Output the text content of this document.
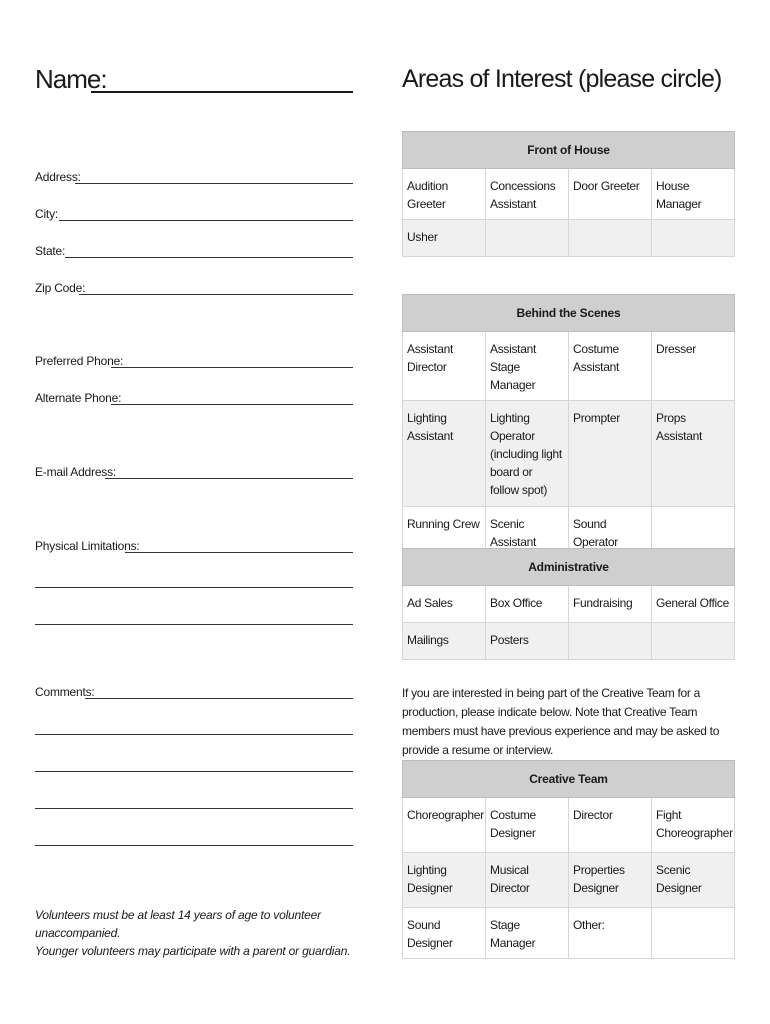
Name:
Address:
City:
State:
Zip Code:
Preferred Phone:
Alternate Phone:
E-mail Address:
Physical Limitations:
Comments:
Volunteers must be at least 14 years of age to volunteer unaccompanied.
Younger volunteers may participate with a parent or guardian.
Areas of Interest (please circle)
Front of House			
Audition Greeter	Concessions Assistant	Door Greeter	House Manager
Usher			
Behind the Scenes			
Assistant Director	Assistant Stage Manager	Costume Assistant	Dresser
Lighting Assistant	Lighting Operator (including light board or follow spot)	Prompter	Props Assistant
Running Crew	Scenic Assistant	Sound Operator	
Administrative			
Ad Sales	Box Office	Fundraising	General Office
Mailings	Posters		
If you are interested in being part of the Creative Team for a production, please indicate below. Note that Creative Team members must have previous experience and may be asked to provide a resume or interview.
Creative Team			
Choreographer	Costume Designer	Director	Fight Choreographer
Lighting Designer	Musical Director	Properties Designer	Scenic Designer
Sound Designer	Stage Manager	Other:	
